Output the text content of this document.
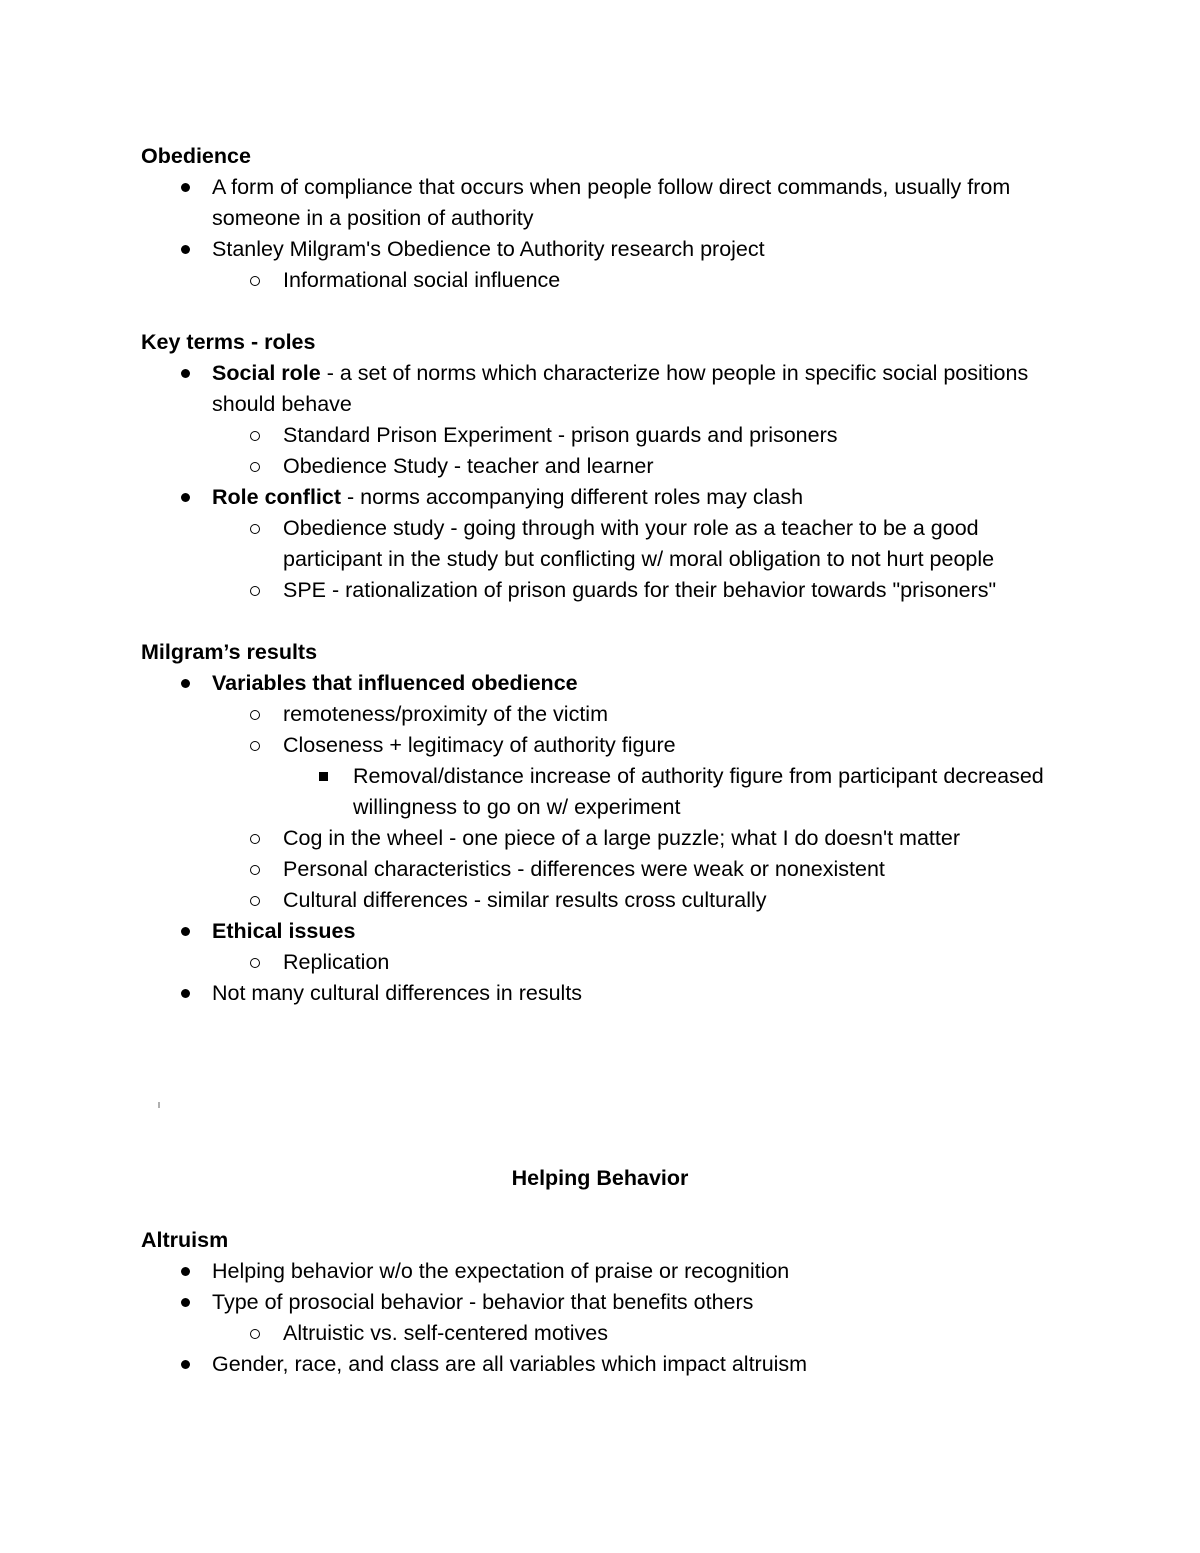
Obedience

A form of compliance that occurs when people follow direct commands, usually from someone in a position of authority
Stanley Milgram's Obedience to Authority research project
Informational social influence

Key terms - roles

Social role - a set of norms which characterize how people in specific social positions should behave
Standard Prison Experiment - prison guards and prisoners
Obedience Study - teacher and learner
Role conflict - norms accompanying different roles may clash
Obedience study - going through with your role as a teacher to be a good participant in the study but conflicting w/ moral obligation to not hurt people
SPE - rationalization of prison guards for their behavior towards "prisoners"

Milgram’s results

Variables that influenced obedience
remoteness/proximity of the victim
Closeness + legitimacy of authority figure
Removal/distance increase of authority figure from participant decreased willingness to go on w/ experiment
Cog in the wheel - one piece of a large puzzle; what I do doesn't matter
Personal characteristics - differences were weak or nonexistent
Cultural differences - similar results cross culturally
Ethical issues
Replication
Not many cultural differences in results
Helping Behavior

Altruism

Helping behavior w/o the expectation of praise or recognition
Type of prosocial behavior - behavior that benefits others
Altruistic vs. self-centered motives
Gender, race, and class are all variables which impact altruism
